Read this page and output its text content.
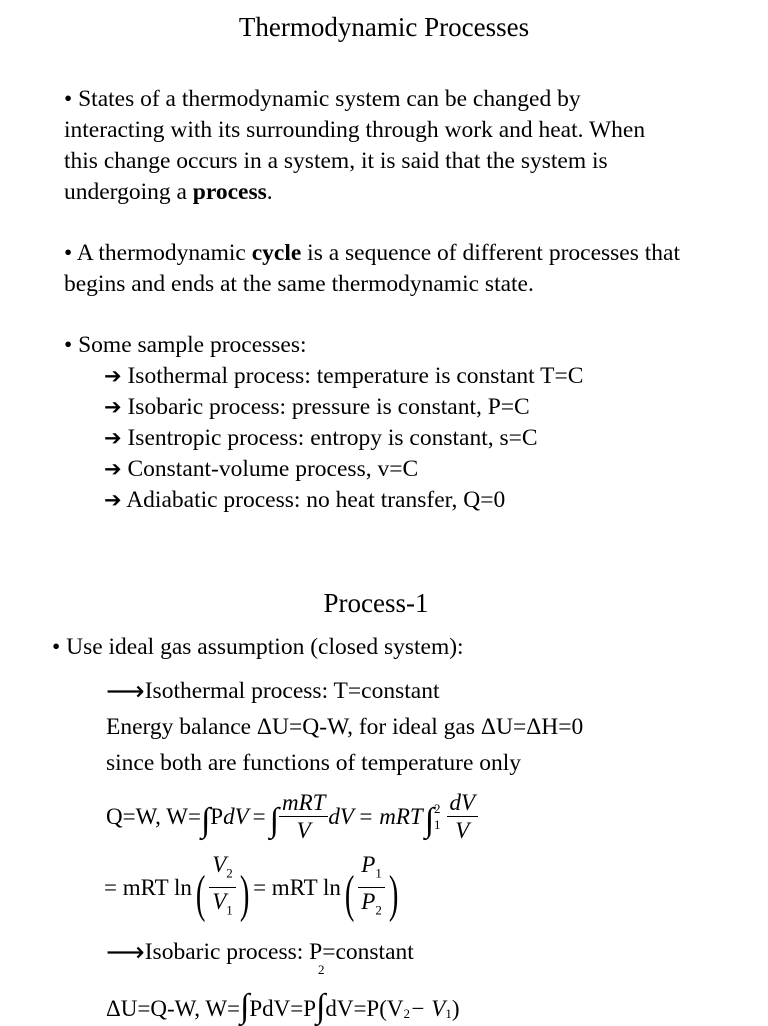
Thermodynamic Processes
• States of a thermodynamic system can be changed by
interacting with its surrounding through work and heat. When
this change occurs in a system, it is said that the system is
undergoing a process.
• A thermodynamic cycle is a sequence of different processes that
begins and ends at the same thermodynamic state.
• Some sample processes:
➔ Isothermal process: temperature is constant T=C
➔ Isobaric process: pressure is constant, P=C
➔ Isentropic process: entropy is constant, s=C
➔ Constant-volume process, v=C
➔ Adiabatic process: no heat transfer, Q=0
Process-1
• Use ideal gas assumption (closed system):
⟶Isothermal process: T=constant
Energy balance ΔU=Q-W, for ideal gas ΔU=ΔH=0
since both are functions of temperature only
Q=W, W= ∫ P dV = ∫ $\frac{\text{mRT}}{V}$ dV = mRT ∫ 2
$1 \frac{dV}{V}$
= mRT ln ( $\frac{V_2}{V_1}$ ) = mRT ln ( $\frac{P_1}{P_2}$ )
⟶Isobaric process: P=constant
ΔU=Q-W, W= ∫ PdV=P
2
∫ $dV=P(V_2 - V_1$ )
